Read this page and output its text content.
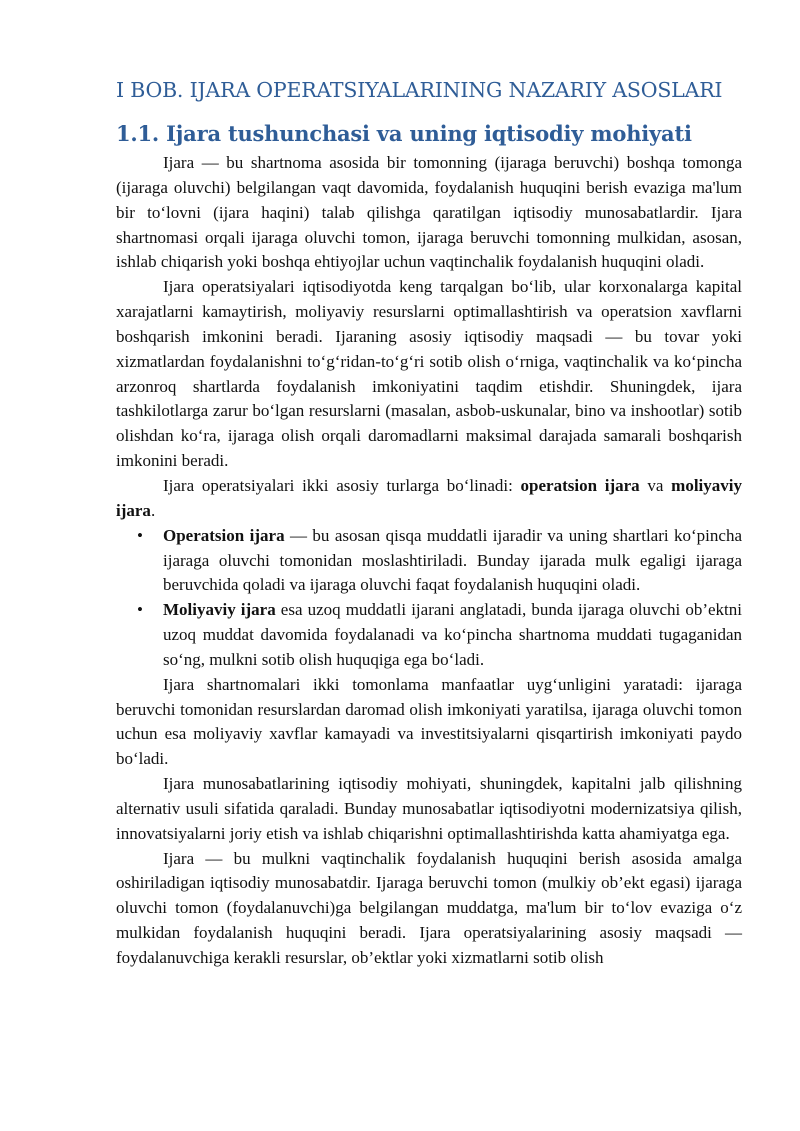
I BOB. IJARA OPERATSIYALARINING NAZARIY ASOSLARI
1.1. Ijara tushunchasi va uning iqtisodiy mohiyati

Ijara — bu shartnoma asosida bir tomonning (ijaraga beruvchi) boshqa tomonga (ijaraga oluvchi) belgilangan vaqt davomida, foydalanish huquqini berish evaziga ma'lum bir to‘lovni (ijara haqini) talab qilishga qaratilgan iqtisodiy munosabatlardir. Ijara shartnomasi orqali ijaraga oluvchi tomon, ijaraga beruvchi tomonning mulkidan, asosan, ishlab chiqarish yoki boshqa ehtiyojlar uchun vaqtinchalik foydalanish huquqini oladi.

Ijara operatsiyalari iqtisodiyotda keng tarqalgan bo‘lib, ular korxonalarga kapital xarajatlarni kamaytirish, moliyaviy resurslarni optimallashtirish va operatsion xavflarni boshqarish imkonini beradi. Ijaraning asosiy iqtisodiy maqsadi — bu tovar yoki xizmatlardan foydalanishni to‘g‘ridan-to‘g‘ri sotib olish o‘rniga, vaqtinchalik va ko‘pincha arzonroq shartlarda foydalanish imkoniyatini taqdim etishdir. Shuningdek, ijara tashkilotlarga zarur bo‘lgan resurslarni (masalan, asbob-uskunalar, bino va inshootlar) sotib olishdan ko‘ra, ijaraga olish orqali daromadlarni maksimal darajada samarali boshqarish imkonini beradi.

Ijara operatsiyalari ikki asosiy turlarga bo‘linadi: operatsion ijara va moliyaviy ijara.

• Operatsion ijara — bu asosan qisqa muddatli ijaradir va uning shartlari ko‘pincha ijaraga oluvchi tomonidan moslashtiriladi. Bunday ijarada mulk egaligi ijaraga beruvchida qoladi va ijaraga oluvchi faqat foydalanish huquqini oladi.
• Moliyaviy ijara esa uzoq muddatli ijarani anglatadi, bunda ijaraga oluvchi ob’ektni uzoq muddat davomida foydalanadi va ko‘pincha shartnoma muddati tugaganidan so‘ng, mulkni sotib olish huquqiga ega bo‘ladi.

Ijara shartnomalari ikki tomonlama manfaatlar uyg‘unligini yaratadi: ijaraga beruvchi tomonidan resurslardan daromad olish imkoniyati yaratilsa, ijaraga oluvchi tomon uchun esa moliyaviy xavflar kamayadi va investitsiyalarni qisqartirish imkoniyati paydo bo‘ladi.

Ijara munosabatlarining iqtisodiy mohiyati, shuningdek, kapitalni jalb qilishning alternativ usuli sifatida qaraladi. Bunday munosabatlar iqtisodiyotni modernizatsiya qilish, innovatsiyalarni joriy etish va ishlab chiqarishni optimallashtirishda katta ahamiyatga ega.

Ijara — bu mulkni vaqtinchalik foydalanish huquqini berish asosida amalga oshiriladigan iqtisodiy munosabatdir. Ijaraga beruvchi tomon (mulkiy ob’ekt egasi) ijaraga oluvchi tomon (foydalanuvchi)ga belgilangan muddatga, ma'lum bir to‘lov evaziga o‘z mulkidan foydalanish huquqini beradi. Ijara operatsiyalarining asosiy maqsadi — foydalanuvchiga kerakli resurslar, ob’ektlar yoki xizmatlarni sotib olish
